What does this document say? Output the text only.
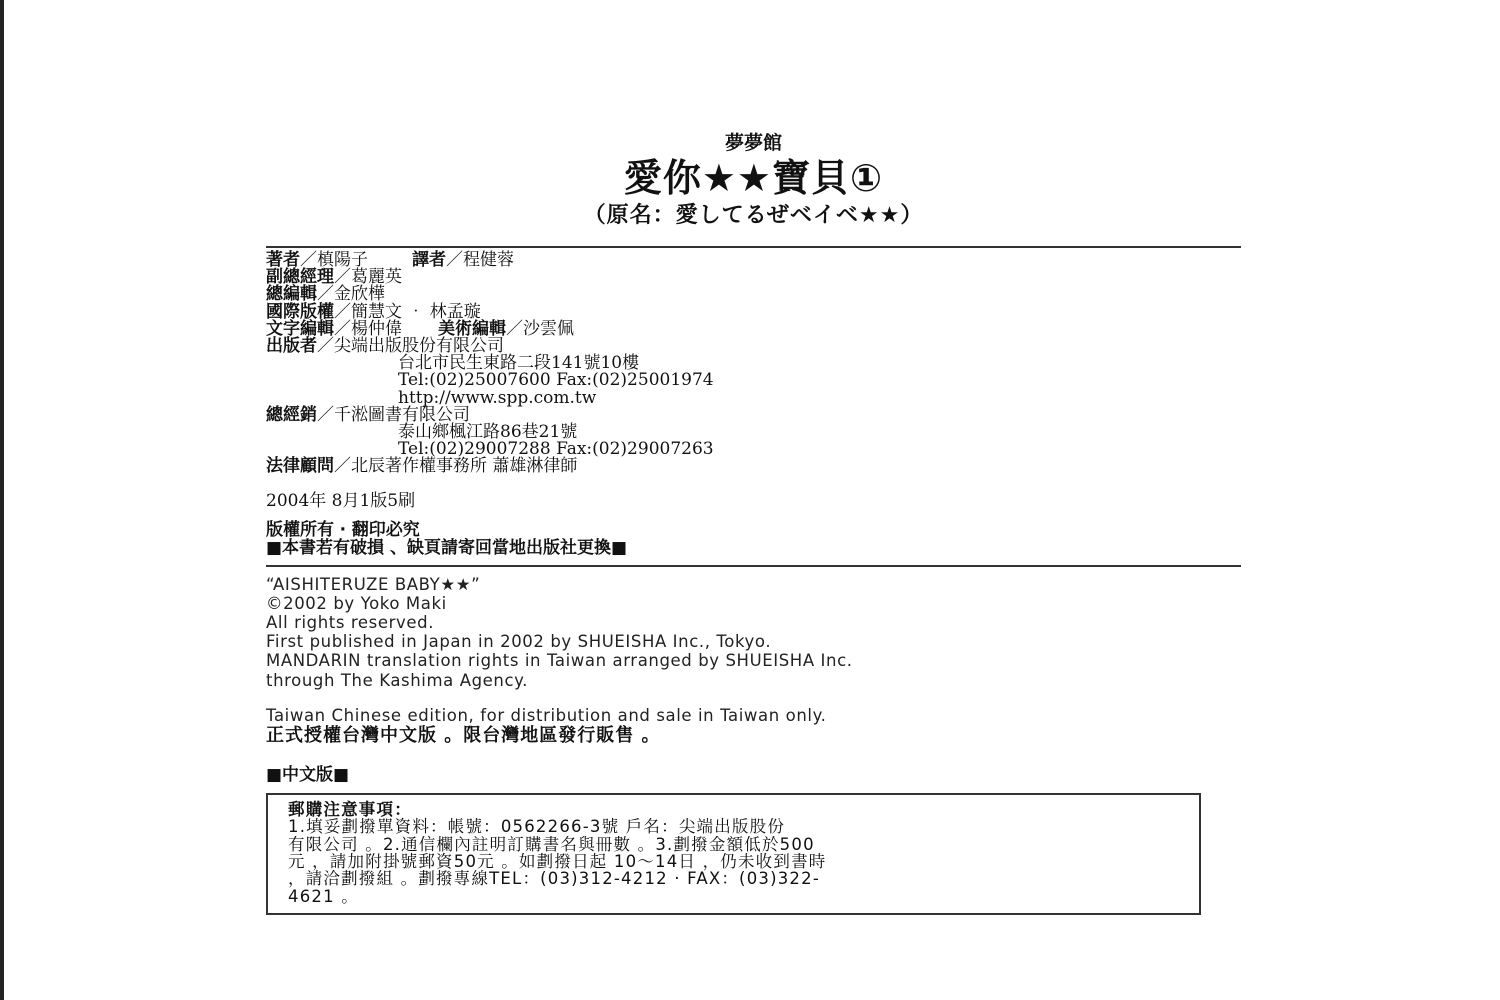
夢夢館
愛你★★寶貝①
（原名：愛してるぜベイベ★★）
著者 ／ 槙陽子	譯者 ／ 程健蓉
副總經理 ／ 葛麗英
總編輯 ／ 金欣樺
國際版權 ／ 簡慧文 ‧ 林孟璇
文字編輯 ／ 楊仲偉 美術編輯 ／ 沙雲佩
出版者 ／ 尖端出版股份有限公司
台北市民生東路二段141號10樓
Tel:(02)25007600 Fax:(02)25001974
http://www.spp.com.tw
總經銷 ／ 千淞圖書有限公司
泰山鄉楓江路86巷21號
Tel:(02)29007288 Fax:(02)29007263
法律顧問 ／ 北辰著作權事務所 蕭雄淋律師
2004年 8月1版5刷
版權所有 ‧ 翻印必究
■本書若有破損 、缺頁請寄回當地出版社更換■
“AISHITERUZE BABY★★”
©2002 by Yoko Maki
All rights reserved.
First published in Japan in 2002 by SHUEISHA Inc., Tokyo.
MANDARIN translation rights in Taiwan arranged by SHUEISHA Inc.
through The Kashima Agency.
Taiwan Chinese edition, for distribution and sale in Taiwan only.
正式授權台灣中文版 。限台灣地區發行販售 。
■中文版■
郵購注意事項：
1.填妥劃撥單資料：帳號：0562266-3號 戶名：尖端出版股份
有限公司 。2.通信欄內註明訂購書名與冊數 。3.劃撥金額低於500
元 ，請加附掛號郵資50元 。如劃撥日起 10～14日 ，仍未收到書時
，請洽劃撥組 。劃撥專線TEL：(03)312-4212 ‧ FAX：(03)322-
4621 。
